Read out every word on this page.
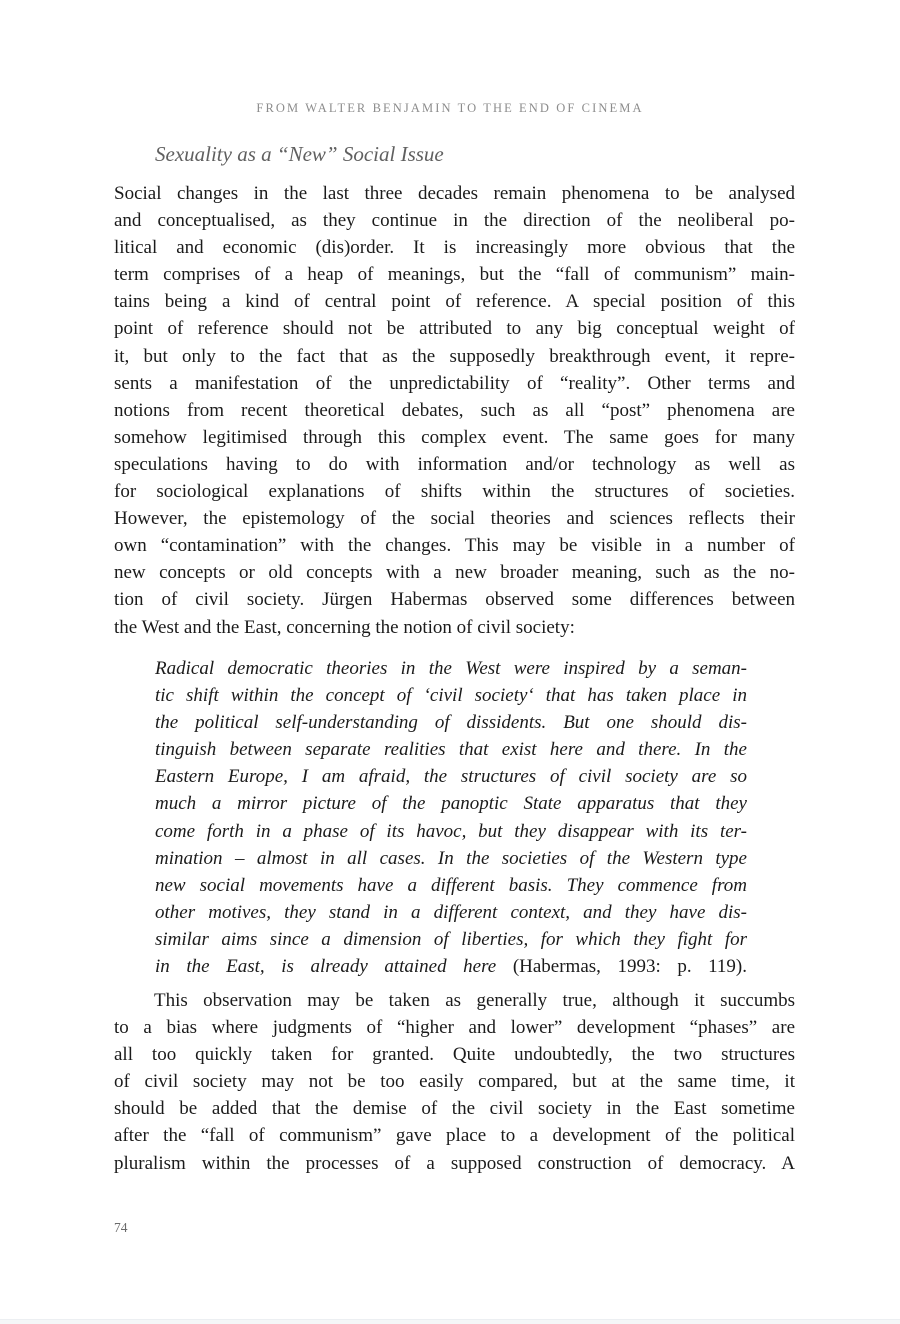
FROM WALTER BENJAMIN TO THE END OF CINEMA
Sexuality as a “New” Social Issue
Social changes in the last three decades remain phenomena to be analysed
and conceptualised, as they continue in the direction of the neoliberal po-
litical and economic (dis)order. It is increasingly more obvious that the
term comprises of a heap of meanings, but the “fall of communism” main-
tains being a kind of central point of reference. A special position of this
point of reference should not be attributed to any big conceptual weight of
it, but only to the fact that as the supposedly breakthrough event, it repre-
sents a manifestation of the unpredictability of “reality”. Other terms and
notions from recent theoretical debates, such as all “post” phenomena are
somehow legitimised through this complex event. The same goes for many
speculations having to do with information and/or technology as well as
for sociological explanations of shifts within the structures of societies.
However, the epistemology of the social theories and sciences reflects their
own “contamination” with the changes. This may be visible in a number of
new concepts or old concepts with a new broader meaning, such as the no-
tion of civil society. Jürgen Habermas observed some differences between
the West and the East, concerning the notion of civil society:
Radical democratic theories in the West were inspired by a seman-
tic shift within the concept of ‘civil society‘ that has taken place in
the political self-understanding of dissidents. But one should dis-
tinguish between separate realities that exist here and there. In the
Eastern Europe, I am afraid, the structures of civil society are so
much a mirror picture of the panoptic State apparatus that they
come forth in a phase of its havoc, but they disappear with its ter-
mination – almost in all cases. In the societies of the Western type
new social movements have a different basis. They commence from
other motives, they stand in a different context, and they have dis-
similar aims since a dimension of liberties, for which they fight for
in the East, is already attained here (Habermas, 1993: p. 119).
This observation may be taken as generally true, although it succumbs
to a bias where judgments of “higher and lower” development “phases” are
all too quickly taken for granted. Quite undoubtedly, the two structures
of civil society may not be too easily compared, but at the same time, it
should be added that the demise of the civil society in the East sometime
after the “fall of communism” gave place to a development of the political
pluralism within the processes of a supposed construction of democracy. A
74
